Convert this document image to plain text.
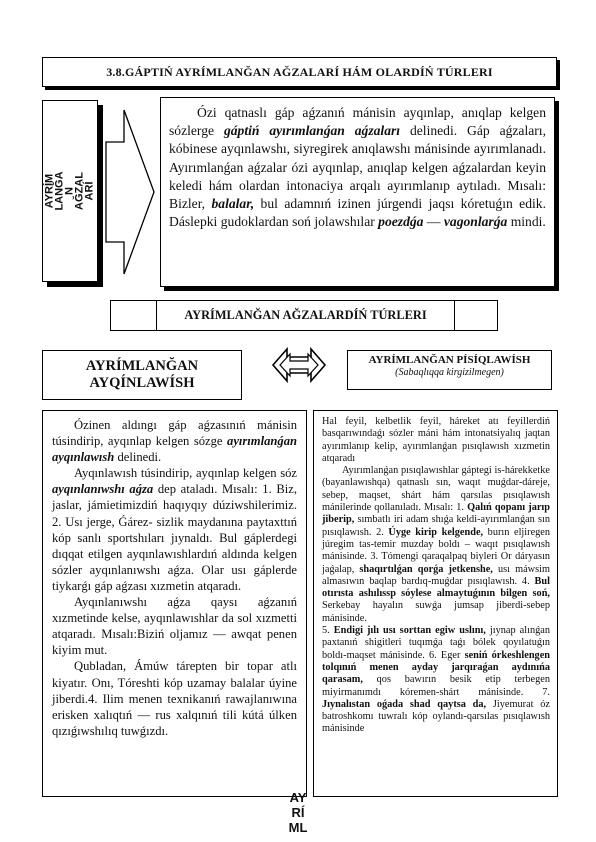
3.8.GÁPTIŃ AYRÍMLANĞAN AĞZALARÍ HÁM OLARDÍŃ TÚRLERI
AYRÍM
LANĞA
N
AĞZAL
ARÍ

Ózi qatnaslı gáp aǵzanıń mánisin ayqınlap, anıqlap kelgen sózlerge gáptiń ayırımlanǵan aǵzaları delinedi. Gáp aǵzaları, kóbinese ayqınlawshı, siyregirek anıqlawshı mánisinde ayırımlanadı. Ayırımlanǵan aǵzalar ózi ayqınlap, anıqlap kelgen aǵzalardan keyin keledi hám olardan intonaciya arqalı ayırımlanıp aytıladı. Mısalı: Bizler, balalar, bul adamnıń izinen júrgendi jaqsı kóretuǵın edik. Dáslepki gudoklardan soń jolawshılar poezdǵa — vagonlarǵa mindi.

AYRÍMLANĞAN AĞZALARDÍŃ TÚRLERI
AYRÍMLANĞAN AYQÍNLAWÍSH
AYRÍMLANĞAN PÍSÍQLAWÍSH
(Sabaqlıqqa kirgizilmegen)

Ózinen aldıngı gáp aǵzasınıń mánisin túsindirip, ayqınlap kelgen sózge ayırımlanǵan ayqınlawısh delinedi.

Ayqınlawısh túsindirip, ayqınlap kelgen sóz ayqınlanıwshı aǵza dep ataladı. Mısalı: 1. Biz, jaslar, jámietimizdiń haqıyqıy dúziwshilerimiz. 2. Usı jerge, Ǵárez- sizlik maydanına paytaxttıń kóp sanlı sportshıları jıynaldı. Bul gáplerdegi dıqqat etilgen ayqınlawıshlardıń aldında kelgen sózler ayqınlanıwshı aǵza. Olar usı gáplerde tiykarǵı gáp aǵzası xızmetin atqaradı.

Ayqınlanıwshı aǵza qaysı aǵzanıń xızmetinde kelse, ayqınlawıshlar da sol xızmetti atqaradı. Mısalı:Biziń oljamız — awqat penen kiyim mut.

Qubladan, Ámúw tárepten bir topar atlı kiyatır. Onı, Tóreshti kóp uzamay balalar úyine jiberdi.4. Ilim menen texnikanıń rawajlanıwına erisken xalıqtıń — rus xalqınıń tili kútá úlken qızıǵıwshılıq tuwǵızdı.

Hal feyil, kelbetlik feyil, háreket atı feyillerdiń basqarıwındaǵı sózler máni hám intonatsiyalıq jaqtan ayırımlanıp kelip, ayırımlanǵan pısıqlawısh xızmetin atqaradı

Ayırımlanǵan pısıqlawıshlar gáptegi is-hárekketke (bayanlawıshqa) qatnaslı sın, waqıt muǵdar-dáreje, sebep, maqset, shárt hám qarsılas pısıqlawısh mánilerinde qollanıladı. Mısalı: 1. Qalıń qopanı jarıp jiberip, sımbatlı iri adam shıǵa keldi-ayırımlanǵan sın pısıqlawısh. 2. Úyge kirip kelgende, burın eljiregen júregim tas-temir muzday boldı – waqıt pısıqlawısh mánisinde. 3. Tómengi qaraqalpaq biyleri Or dáryasın jaǵalap, shaqırtılǵan qorǵa jetkenshe, usı máwsim almasıwın baqlap bardıq-muǵdar pısıqlawısh. 4. Bul otırısta ashılıssp sóylese almaytuǵının bilgen soń, Serkebay hayalın suwǵa jumsap jiberdi-sebep mánisinde.

5. Endigi jılı usı sorttan egiw uslını, jıynap alınǵan paxtanıń shigitleri tuqımǵa taǵı bólek qoyılatuǵın boldı-maqset mánisinde. 6. Eger seniń órkeshlengen tolqınıń menen ayday jarqıraǵan aydınıńa qarasam, qos bawırın besik etip terbegen miyirmanımdı kóremen-shárt mánisinde. 7. Jıynalıstan oǵada shad qaytsa da, Jiyemurat óz batroshkomı tuwralı kóp oylandı-qarsılas pısıqlawısh mánisinde

AY
RÍ
ML
